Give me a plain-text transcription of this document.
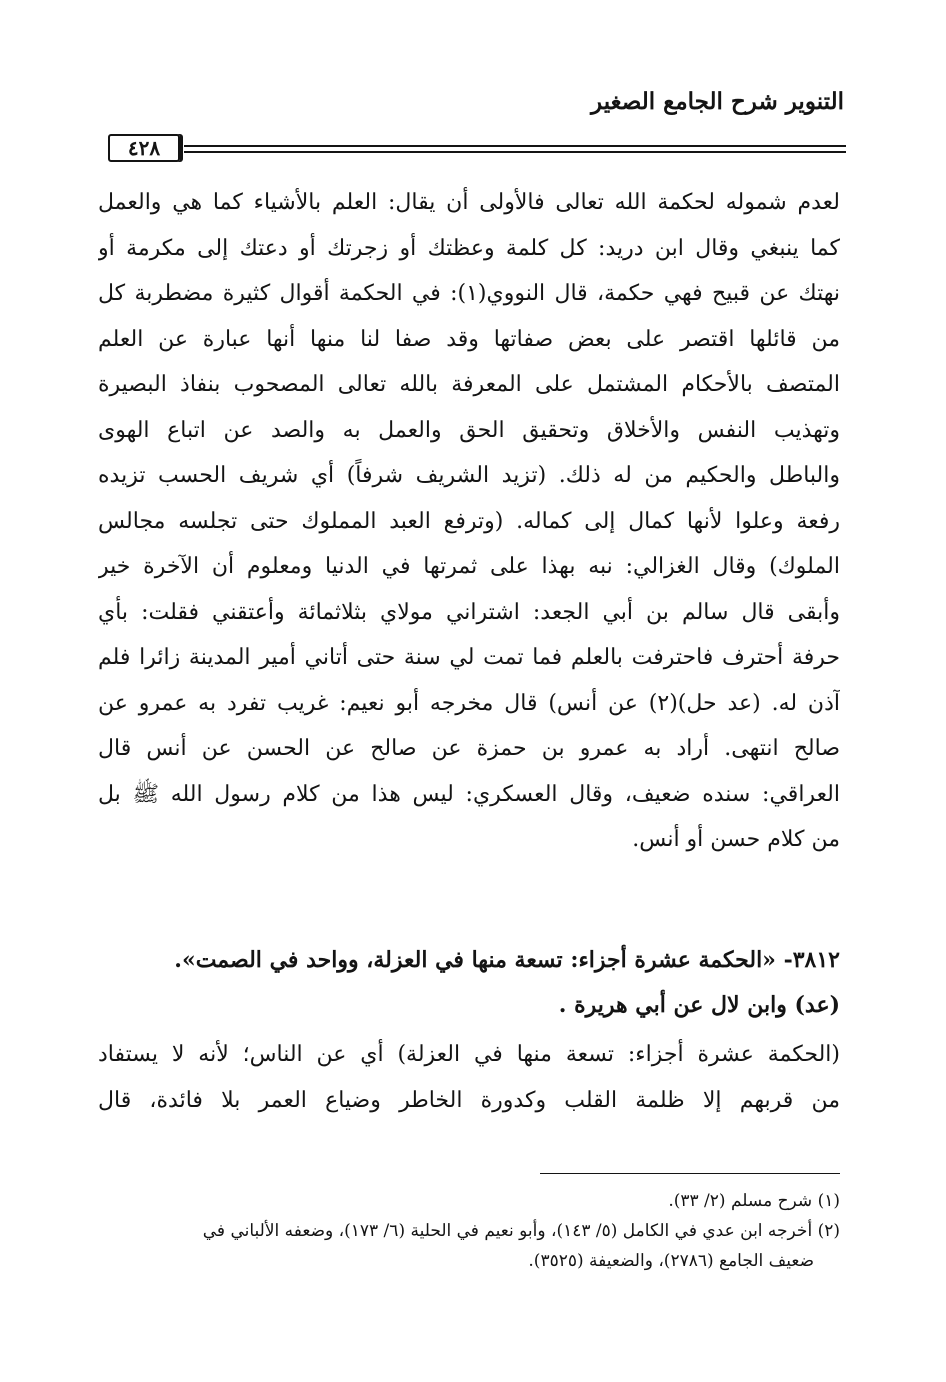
التنوير شرح الجامع الصغير
٤٢٨
لعدم شموله لحكمة الله تعالى فالأولى أن يقال: العلم بالأشياء كما هي والعمل
كما ينبغي وقال ابن دريد: كل كلمة وعظتك أو زجرتك أو دعتك إلى مكرمة أو
نهتك عن قبيح فهي حكمة، قال النووي(١): في الحكمة أقوال كثيرة مضطربة كل
من قائلها اقتصر على بعض صفاتها وقد صفا لنا منها أنها عبارة عن العلم
المتصف بالأحكام المشتمل على المعرفة بالله تعالى المصحوب بنفاذ البصيرة
وتهذيب النفس والأخلاق وتحقيق الحق والعمل به والصد عن اتباع الهوى
والباطل والحكيم من له ذلك. (تزيد الشريف شرفاً) أي شريف الحسب تزيده
رفعة وعلوا لأنها كمال إلى كماله. (وترفع العبد المملوك حتى تجلسه مجالس
الملوك) وقال الغزالي: نبه بهذا على ثمرتها في الدنيا ومعلوم أن الآخرة خير
وأبقى قال سالم بن أبي الجعد: اشتراني مولاي بثلاثمائة وأعتقني فقلت: بأي
حرفة أحترف فاحترفت بالعلم فما تمت لي سنة حتى أتاني أمير المدينة زائرا فلم
آذن له. (عد حل)(٢) عن أنس) قال مخرجه أبو نعيم: غريب تفرد به عمرو عن
صالح انتهى. أراد به عمرو بن حمزة عن صالح عن الحسن عن أنس قال
العراقي: سنده ضعيف، وقال العسكري: ليس هذا من كلام رسول الله ﷺ بل
من كلام حسن أو أنس.
٣٨١٢- «الحكمة عشرة أجزاء: تسعة منها في العزلة، وواحد في الصمت».
(عد) وابن لال عن أبي هريرة .
(الحكمة عشرة أجزاء: تسعة منها في العزلة) أي عن الناس؛ لأنه لا يستفاد
من قربهم إلا ظلمة القلب وكدورة الخاطر وضياع العمر بلا فائدة، قال
(١) شرح مسلم (٢/ ٣٣).
(٢) أخرجه ابن عدي في الكامل (٥/ ١٤٣)، وأبو نعيم في الحلية (٦/ ١٧٣)، وضعفه الألباني في
ضعيف الجامع (٢٧٨٦)، والضعيفة (٣٥٢٥).
